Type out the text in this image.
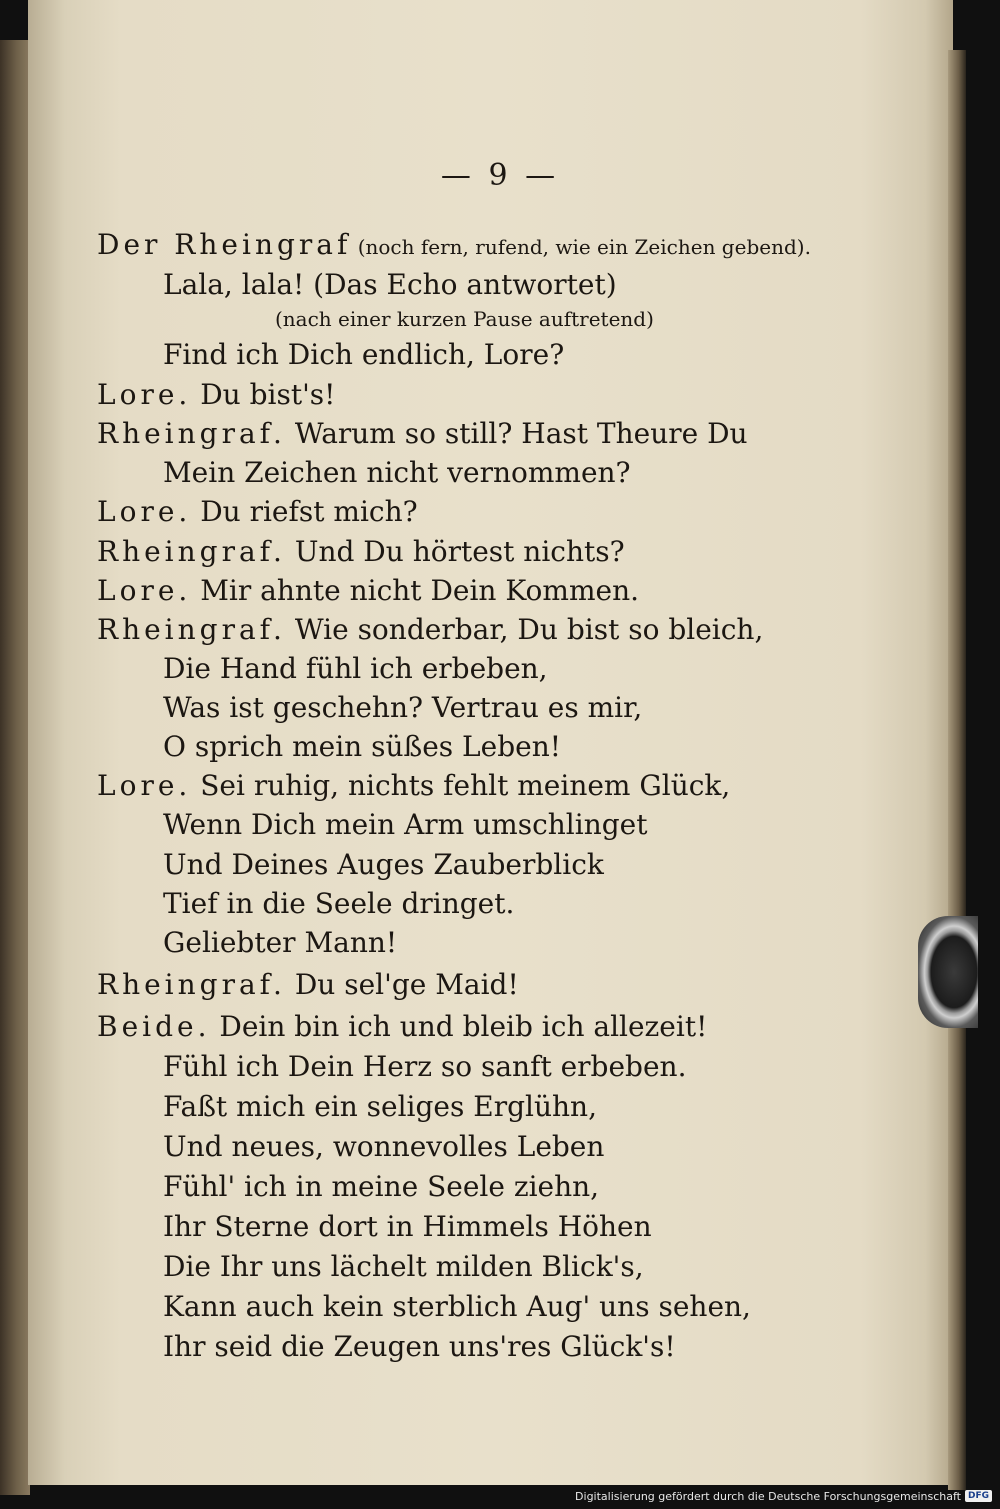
— 9 —
Der Rheingraf (noch fern, rufend, wie ein Zeichen gebend).
Lala, lala! (Das Echo antwortet)
(nach einer kurzen Pause auftretend)
Find ich Dich endlich, Lore?
Lore. Du bist's!
Rheingraf. Warum so still? Hast Theure Du
Mein Zeichen nicht vernommen?
Lore. Du riefst mich?
Rheingraf. Und Du hörtest nichts?
Lore. Mir ahnte nicht Dein Kommen.
Rheingraf. Wie sonderbar, Du bist so bleich,
Die Hand fühl ich erbeben,
Was ist geschehn? Vertrau es mir,
O sprich mein süßes Leben!
Lore. Sei ruhig, nichts fehlt meinem Glück,
Wenn Dich mein Arm umschlinget
Und Deines Auges Zauberblick
Tief in die Seele dringet.
Geliebter Mann!
Rheingraf. Du sel'ge Maid!
Beide. Dein bin ich und bleib ich allezeit!
Fühl ich Dein Herz so sanft erbeben.
Faßt mich ein seliges Erglühn,
Und neues, wonnevolles Leben
Fühl' ich in meine Seele ziehn,
Ihr Sterne dort in Himmels Höhen
Die Ihr uns lächelt milden Blick's,
Kann auch kein sterblich Aug' uns sehen,
Ihr seid die Zeugen uns'res Glück's!
Digitalisierung gefördert durch die Deutsche Forschungsgemeinschaft DFG
